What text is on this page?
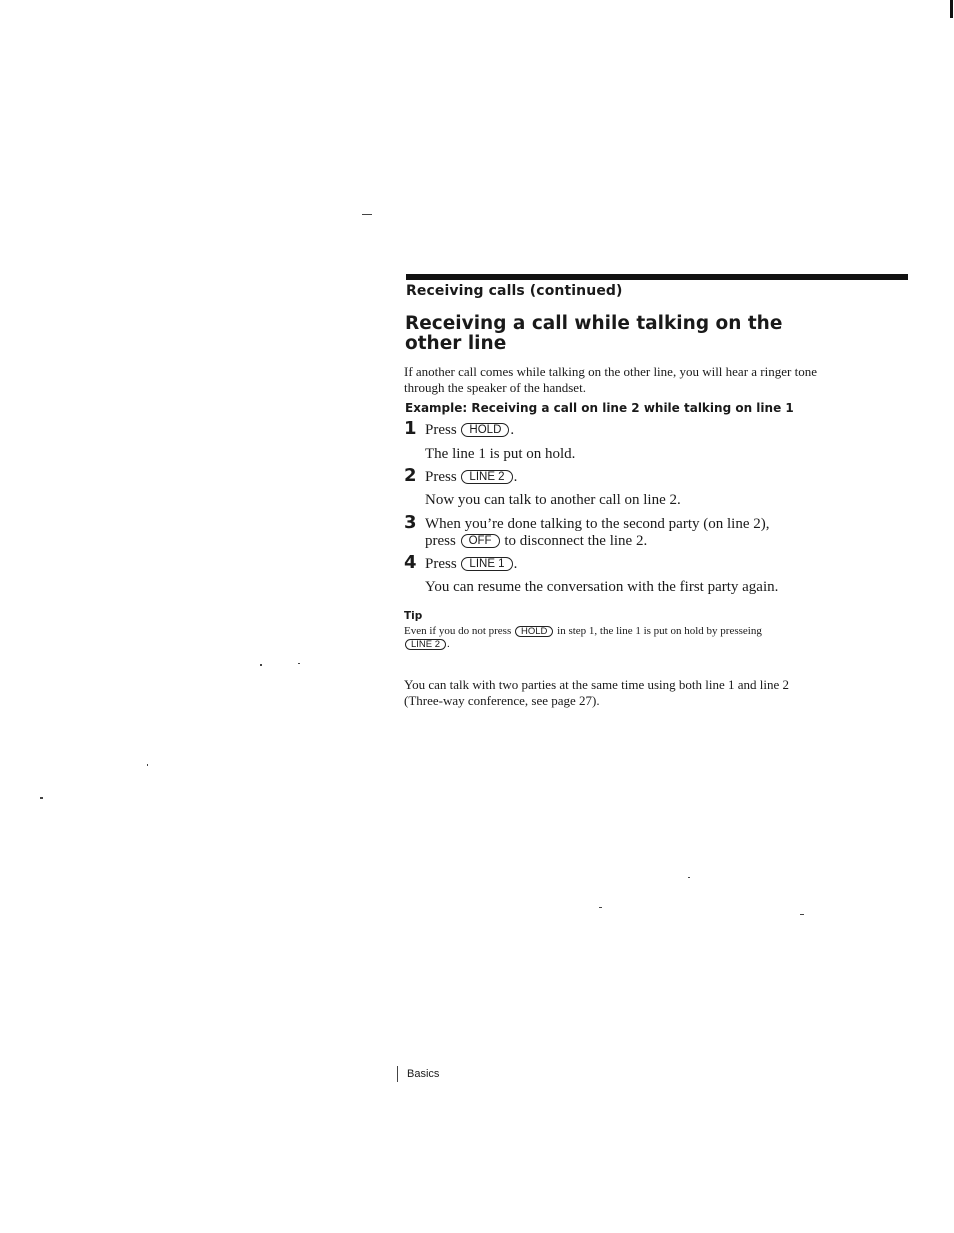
Receiving calls (continued)
Receiving a call while talking on the other line
If another call comes while talking on the other line, you will hear a ringer tone through the speaker of the handset.
Example: Receiving a call on line 2 while talking on line 1
1 Press HOLD .
The line 1 is put on hold.
2 Press LINE 2 .
Now you can talk to another call on line 2.
3 When you’re done talking to the second party (on line 2),
press OFF to disconnect the line 2.
4 Press LINE 1 .
You can resume the conversation with the first party again.
Tip
Even if you do not press HOLD in step 1, the line 1 is put on hold by presseing
LINE 2 .
You can talk with two parties at the same time using both line 1 and line 2 (Three-way conference, see page 27).
Basics
